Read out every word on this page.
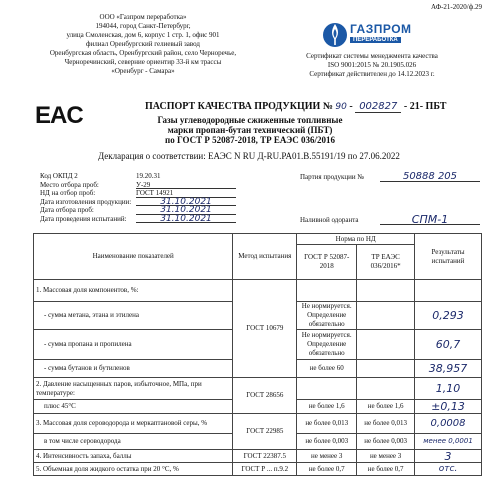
АФ-21-2020/ф.29
ООО «Газпром переработка»
194044, город Санкт-Петербург,
улица Смоленская, дом 6, корпус 1 стр. 1, офис 901
филиал Оренбургский гелиевый завод
Оренбургская область, Оренбургский район, село Черноречье,
Черноречинский, северние ориентир 33-й км трассы
«Оренбург - Самара»
ГАЗПРОМ
ПЕРЕРАБОТКА
Сертификат системы менеджмента качества
ISO 9001:2015 № 20.1905.026
Сертификат действителен до 14.12.2023 г.
EAC	ПАСПОРТ КАЧЕСТВА ПРОДУКЦИИ № 90 - 002827 - 21- ПБТ
Газы углеводородные сжиженные топливные
марки пропан-бутан технический (ПБТ)
по ГОСТ Р 52087-2018, ТР ЕАЭС 036/2016
Декларация о соответствии: ЕАЭС N RU Д-RU.PA01.B.55191/19 по 27.06.2022
Код ОКПД 2	19.20.31
Место отбора проб:	У-29
НД на отбор проб:	ГОСТ 14921
Дата изготовления продукции:	31.10.2021
Дата отбора проб:	31.10.2021
Дата проведения испытаний:	31.10.2021
Партия продукции №	50888 205
Наливной одоранта	СПМ-1
Наименование показателей	Метод испытания	Норма по НД		Результаты испытаний
		ГОСТ Р 52087-2018	ТР ЕАЭС 036/2016*	
1. Массовая доля компонентов, %:	ГОСТ 10679			
- сумма метана, этана и этилена		Не нормируется. Определение обязательно		0,293
- сумма пропана и пропилена		Не нормируется. Определение обязательно		60,7
- сумма бутанов и бутиленов		не более 60		38,957
2. Давление насыщенных паров, избыточное, МПа, при температуре:	ГОСТ 28656			1,10
плюс 45°С		не более 1,6	не более 1,6	±0,13
3. Массовая доля сероводорода и меркаптановой серы, %	ГОСТ 22985	не более 0,013	не более 0,013	0,0008
в том числе сероводорода		не более 0,003	не более 0,003	менее 0,0001
4. Интенсивность запаха, баллы	ГОСТ 22387.5	не менее 3	не менее 3	3
5. Объемная доля жидкого остатка при 20 °С, %	ГОСТ Р ... п.9.2	не более 0,7	не более 0,7	отс.
